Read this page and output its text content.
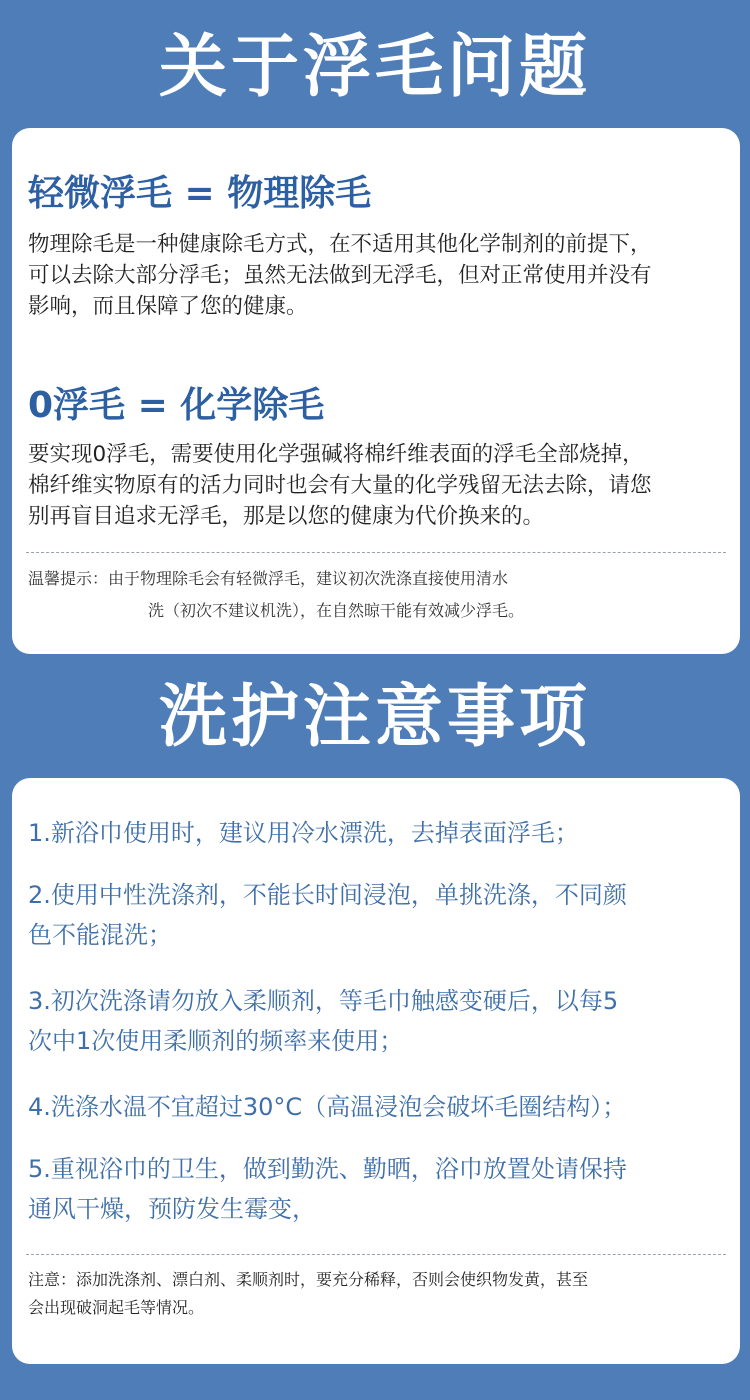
关于浮毛问题
轻微浮毛 = 物理除毛

物理除毛是一种健康除毛方式，在不适用其他化学制剂的前提下，
可以去除大部分浮毛；虽然无法做到无浮毛，但对正常使用并没有
影响，而且保障了您的健康。

0浮毛 = 化学除毛

要实现0浮毛，需要使用化学强碱将棉纤维表面的浮毛全部烧掉，
棉纤维实物原有的活力同时也会有大量的化学残留无法去除，请您
别再盲目追求无浮毛，那是以您的健康为代价换来的。

温馨提示：由于物理除毛会有轻微浮毛，建议初次洗涤直接使用清水

洗（初次不建议机洗），在自然晾干能有效减少浮毛。

洗护注意事项

1.新浴巾使用时，建议用冷水漂洗，去掉表面浮毛；

2.使用中性洗涤剂，不能长时间浸泡，单挑洗涤，不同颜
色不能混洗；

3.初次洗涤请勿放入柔顺剂，等毛巾触感变硬后，以每5
次中1次使用柔顺剂的频率来使用；

4.洗涤水温不宜超过30°C（高温浸泡会破坏毛圈结构）；

5.重视浴巾的卫生，做到勤洗、勤晒，浴巾放置处请保持
通风干燥，预防发生霉变，

注意：添加洗涤剂、漂白剂、柔顺剂时，要充分稀释，否则会使织物发黄，甚至
会出现破洞起毛等情况。
